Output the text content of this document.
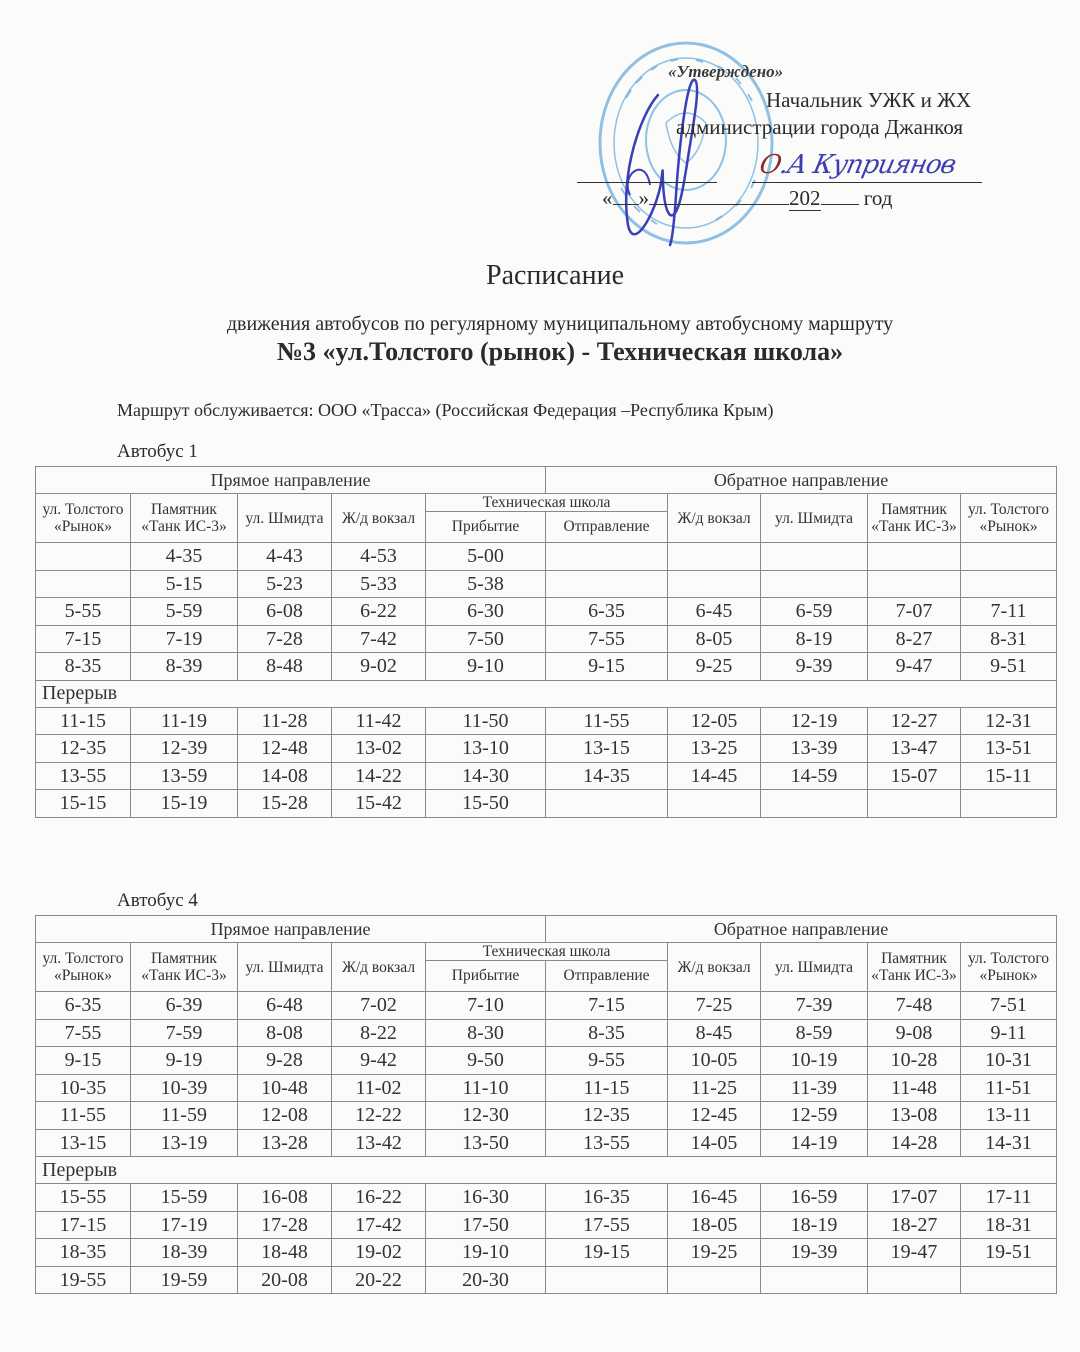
«Утверждено»
Начальник УЖК и ЖХ
администрации города Джанкоя
О.А Куприянов
« »	202 год
Расписание
движения автобусов по регулярному муниципальному автобусному маршруту
№3 «ул.Толстого (рынок) - Техническая школа»
Маршрут обслуживается: ООО «Трасса» (Российская Федерация –Республика Крым)
Автобус 1
Прямое направление					Обратное направление				
ул. Толстого «Рынок»	Памятник «Танк ИС-3»	ул. Шмидта	Ж/д вокзал	Техническая школа		Ж/д вокзал	ул. Шмидта	Памятник «Танк ИС-3»	ул. Толстого «Рынок»
				Прибытие	Отправление				
	4-35	4-43	4-53	5-00					
	5-15	5-23	5-33	5-38					
5-55	5-59	6-08	6-22	6-30	6-35	6-45	6-59	7-07	7-11
7-15	7-19	7-28	7-42	7-50	7-55	8-05	8-19	8-27	8-31
8-35	8-39	8-48	9-02	9-10	9-15	9-25	9-39	9-47	9-51
Перерыв									
11-15	11-19	11-28	11-42	11-50	11-55	12-05	12-19	12-27	12-31
12-35	12-39	12-48	13-02	13-10	13-15	13-25	13-39	13-47	13-51
13-55	13-59	14-08	14-22	14-30	14-35	14-45	14-59	15-07	15-11
15-15	15-19	15-28	15-42	15-50					
Автобус 4
Прямое направление					Обратное направление				
ул. Толстого «Рынок»	Памятник «Танк ИС-3»	ул. Шмидта	Ж/д вокзал	Техническая школа		Ж/д вокзал	ул. Шмидта	Памятник «Танк ИС-3»	ул. Толстого «Рынок»
				Прибытие	Отправление				
6-35	6-39	6-48	7-02	7-10	7-15	7-25	7-39	7-48	7-51
7-55	7-59	8-08	8-22	8-30	8-35	8-45	8-59	9-08	9-11
9-15	9-19	9-28	9-42	9-50	9-55	10-05	10-19	10-28	10-31
10-35	10-39	10-48	11-02	11-10	11-15	11-25	11-39	11-48	11-51
11-55	11-59	12-08	12-22	12-30	12-35	12-45	12-59	13-08	13-11
13-15	13-19	13-28	13-42	13-50	13-55	14-05	14-19	14-28	14-31
Перерыв									
15-55	15-59	16-08	16-22	16-30	16-35	16-45	16-59	17-07	17-11
17-15	17-19	17-28	17-42	17-50	17-55	18-05	18-19	18-27	18-31
18-35	18-39	18-48	19-02	19-10	19-15	19-25	19-39	19-47	19-51
19-55	19-59	20-08	20-22	20-30					
